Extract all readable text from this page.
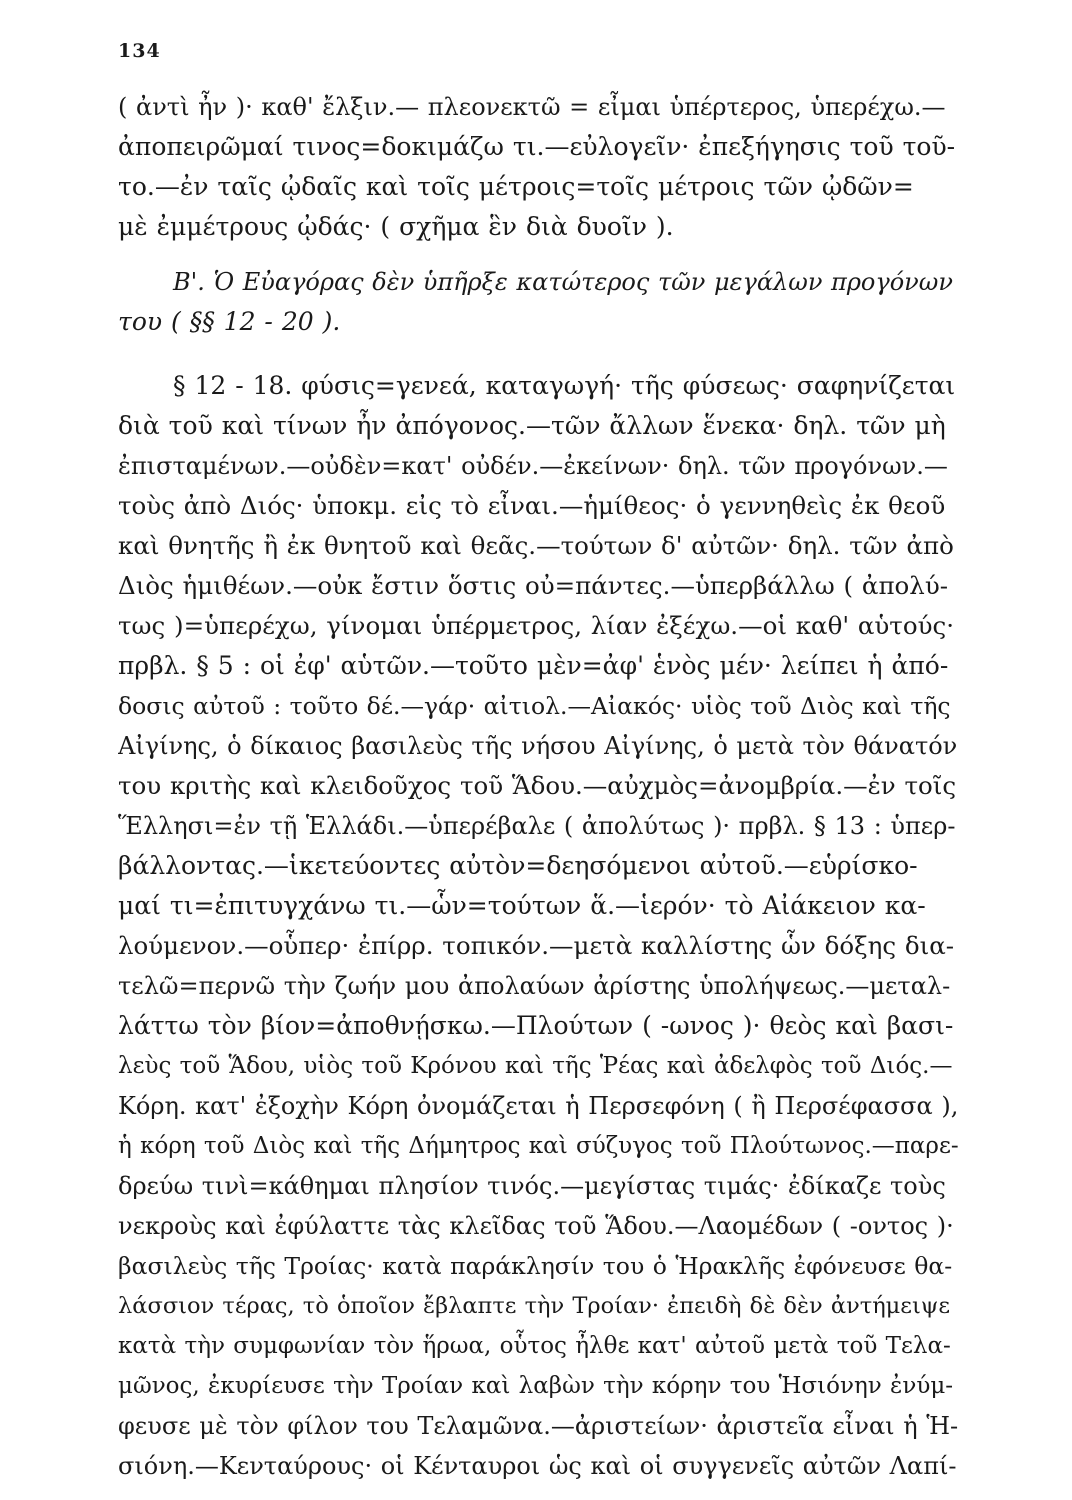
134
( ἀντὶ ἦν )· καθ' ἔλξιν.— πλεονεκτῶ = εἶμαι ὑπέρτερος, ὑπερέχω.—
ἀποπειρῶμαί τινος=δοκιμάζω τι.—εὐλογεῖν· ἐπεξήγησις τοῦ τοῦ-
το.—ἐν ταῖς ᾠδαῖς καὶ τοῖς μέτροις=τοῖς μέτροις τῶν ᾠδῶν=
μὲ ἐμμέτρους ᾠδάς· ( σχῆμα ἓν διὰ δυοῖν ).
Β'. Ὁ Εὐαγόρας δὲν ὑπῆρξε κατώτερος τῶν μεγάλων προγόνων
του ( §§ 12 - 20 ).
§ 12 - 18. φύσις=γενεά, καταγωγή· τῆς φύσεως· σαφηνίζεται
διὰ τοῦ καὶ τίνων ἦν ἀπόγονος.—τῶν ἄλλων ἕνεκα· δηλ. τῶν μὴ
ἐπισταμένων.—οὐδὲν=κατ' οὐδέν.—ἐκείνων· δηλ. τῶν προγόνων.—
τοὺς ἀπὸ Διός· ὑποκμ. εἰς τὸ εἶναι.—ἡμίθεος· ὁ γεννηθεὶς ἐκ θεοῦ
καὶ θνητῆς ἢ ἐκ θνητοῦ καὶ θεᾶς.—τούτων δ' αὐτῶν· δηλ. τῶν ἀπὸ
Διὸς ἡμιθέων.—οὐκ ἔστιν ὅστις οὐ=πάντες.—ὑπερβάλλω ( ἀπολύ-
τως )=ὑπερέχω, γίνομαι ὑπέρμετρος, λίαν ἐξέχω.—οἱ καθ' αὑτούς·
πρβλ. § 5 : οἱ ἐφ' αὑτῶν.—τοῦτο μὲν=ἀφ' ἑνὸς μέν· λείπει ἡ ἀπό-
δοσις αὐτοῦ : τοῦτο δέ.—γάρ· αἰτιολ.—Αἰακός· υἱὸς τοῦ Διὸς καὶ τῆς
Αἰγίνης, ὁ δίκαιος βασιλεὺς τῆς νήσου Αἰγίνης, ὁ μετὰ τὸν θάνατόν
του κριτὴς καὶ κλειδοῦχος τοῦ Ἅδου.—αὐχμὸς=ἀνομβρία.—ἐν τοῖς
Ἕλλησι=ἐν τῇ Ἑλλάδι.—ὑπερέβαλε ( ἀπολύτως )· πρβλ. § 13 : ὑπερ-
βάλλοντας.—ἱκετεύοντες αὐτὸν=δεησόμενοι αὐτοῦ.—εὑρίσκο-
μαί τι=ἐπιτυγχάνω τι.—ὧν=τούτων ἅ.—ἱερόν· τὸ Αἰάκειον κα-
λούμενον.—οὗπερ· ἐπίρρ. τοπικόν.—μετὰ καλλίστης ὧν δόξης δια-
τελῶ=περνῶ τὴν ζωήν μου ἀπολαύων ἀρίστης ὑπολήψεως.—μεταλ-
λάττω τὸν βίον=ἀποθνῄσκω.—Πλούτων ( -ωνος )· θεὸς καὶ βασι-
λεὺς τοῦ Ἅδου, υἱὸς τοῦ Κρόνου καὶ τῆς Ῥέας καὶ ἀδελφὸς τοῦ Διός.—
Κόρη. κατ' ἐξοχὴν Κόρη ὀνομάζεται ἡ Περσεφόνη ( ἢ Περσέφασσα ),
ἡ κόρη τοῦ Διὸς καὶ τῆς Δήμητρος καὶ σύζυγος τοῦ Πλούτωνος.—παρε-
δρεύω τινὶ=κάθημαι πλησίον τινός.—μεγίστας τιμάς· ἐδίκαζε τοὺς
νεκροὺς καὶ ἐφύλαττε τὰς κλεῖδας τοῦ Ἅδου.—Λαομέδων ( -οντος )·
βασιλεὺς τῆς Τροίας· κατὰ παράκλησίν του ὁ Ἡρακλῆς ἐφόνευσε θα-
λάσσιον τέρας, τὸ ὁποῖον ἔβλαπτε τὴν Τροίαν· ἐπειδὴ δὲ δὲν ἀντήμειψε
κατὰ τὴν συμφωνίαν τὸν ἥρωα, οὗτος ἦλθε κατ' αὐτοῦ μετὰ τοῦ Τελα-
μῶνος, ἐκυρίευσε τὴν Τροίαν καὶ λαβὼν τὴν κόρην του Ἡσιόνην ἐνύμ-
φευσε μὲ τὸν φίλον του Τελαμῶνα.—ἀριστείων· ἀριστεῖα εἶναι ἡ Ἡ-
σιόνη.—Κενταύρους· οἱ Κένταυροι ὡς καὶ οἱ συγγενεῖς αὐτῶν Λαπί-
